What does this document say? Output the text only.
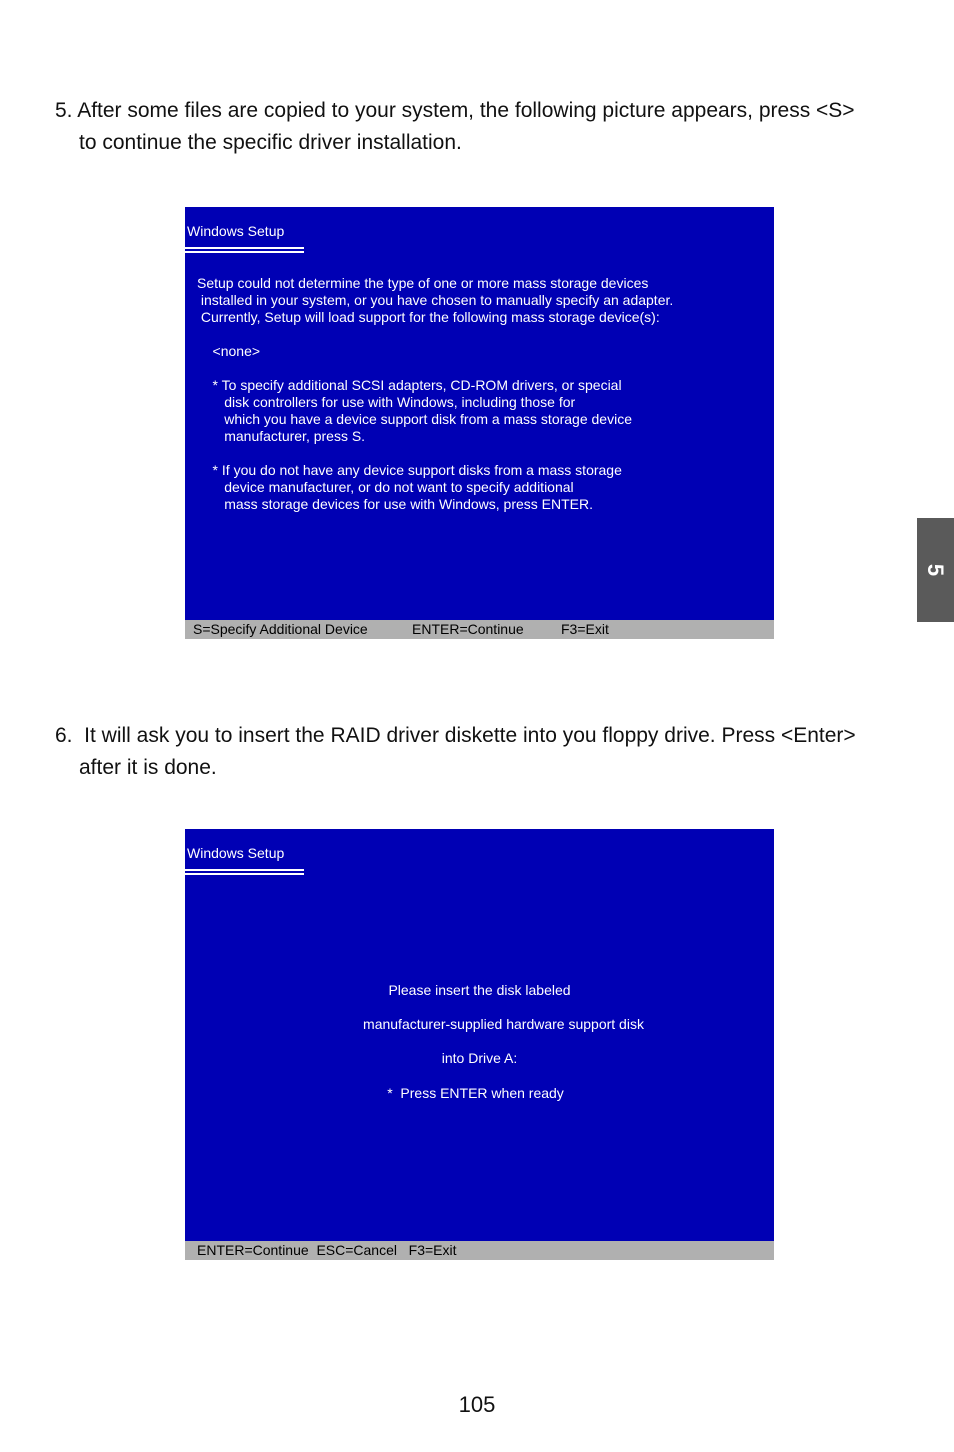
5. After some files are copied to your system, the following picture appears, press <S>
to continue the specific driver installation.
Windows Setup
Setup could not determine the type of one or more mass storage devices
installed in your system, or you have chosen to manually specify an adapter.
Currently, Setup will load support for the following mass storage device(s):
<none>
* To specify additional SCSI adapters, CD-ROM drivers, or special
disk controllers for use with Windows, including those for
which you have a device support disk from a mass storage device
manufacturer, press S.
* If you do not have any device support disks from a mass storage
device manufacturer, or do not want to specify additional
mass storage devices for use with Windows, press ENTER.
S=Specify Additional Device	ENTER=Continue	F3=Exit
6.  It will ask you to insert the RAID driver diskette into you floppy drive. Press <Enter>
after it is done.
Windows Setup
Please insert the disk labeled
manufacturer-supplied hardware support disk
into Drive A:
*  Press ENTER when ready
ENTER=Continue  ESC=Cancel   F3=Exit
5
105
